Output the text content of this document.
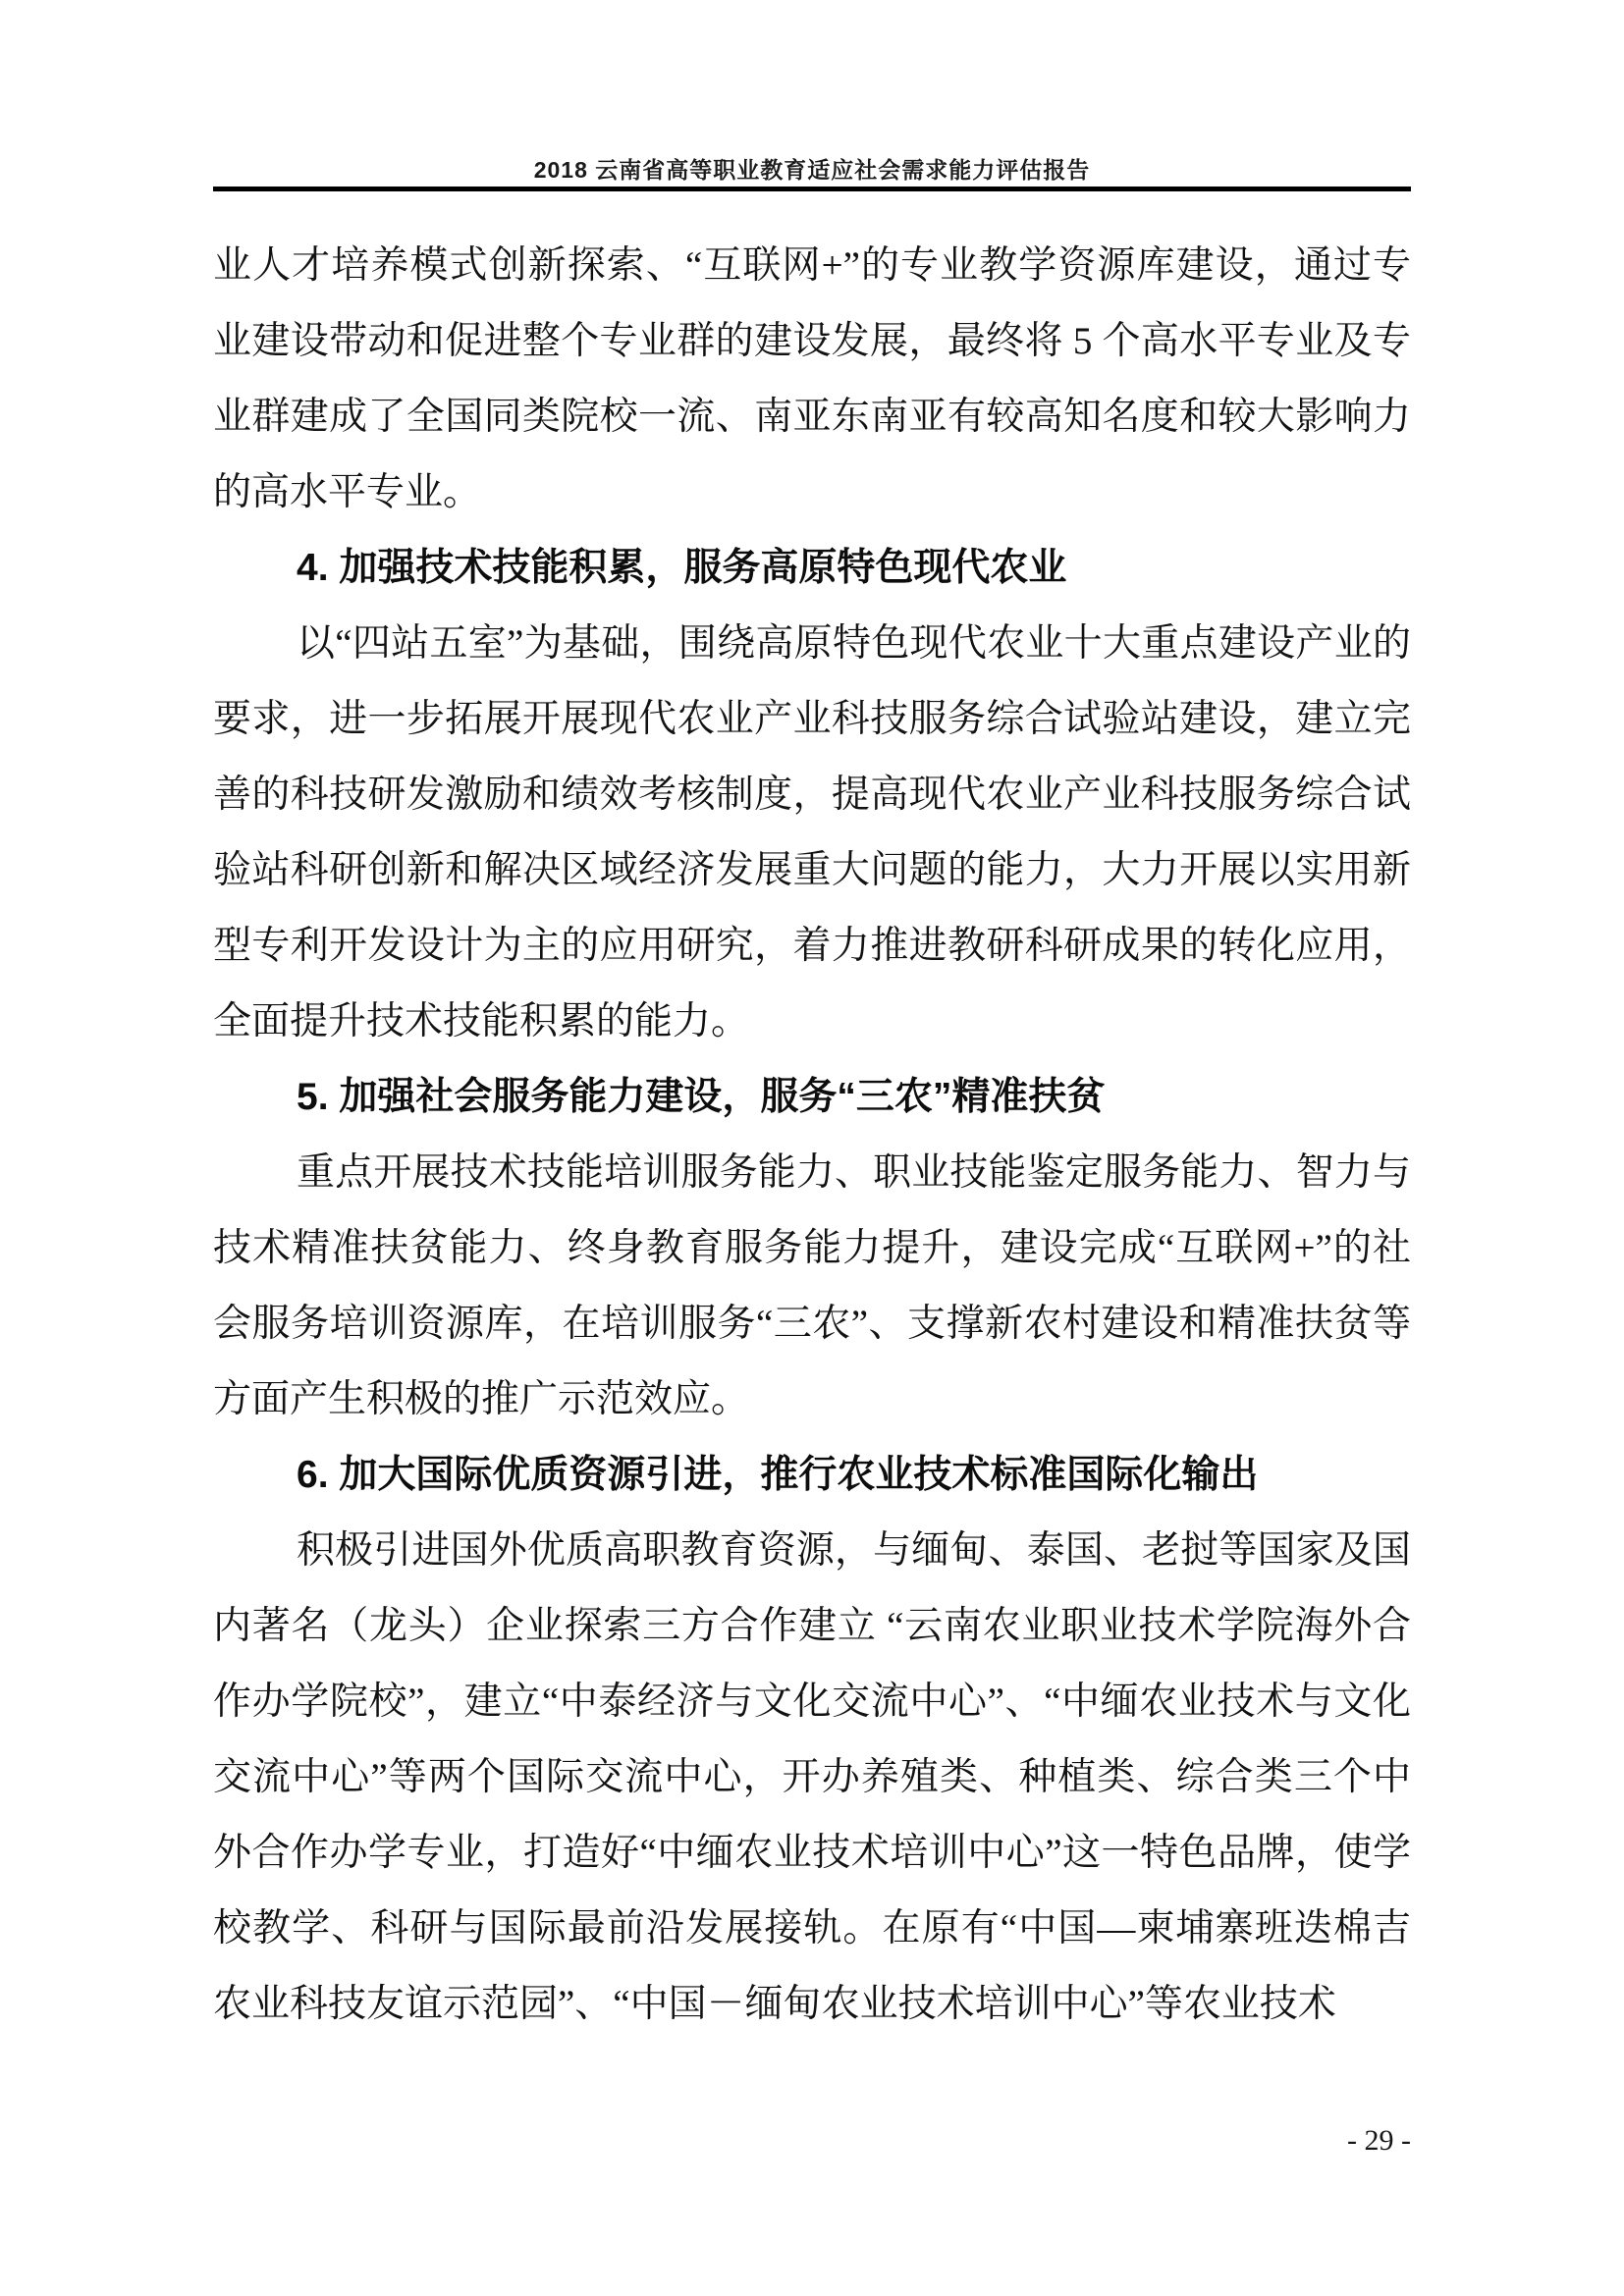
2018 云南省高等职业教育适应社会需求能力评估报告

业人才培养模式创新探索、“互联网+”的专业教学资源库建设，通过专业建设带动和促进整个专业群的建设发展，最终将 5 个高水平专业及专业群建成了全国同类院校一流、南亚东南亚有较高知名度和较大影响力的高水平专业。

4. 加强技术技能积累，服务高原特色现代农业

以“四站五室”为基础，围绕高原特色现代农业十大重点建设产业的要求，进一步拓展开展现代农业产业科技服务综合试验站建设，建立完善的科技研发激励和绩效考核制度，提高现代农业产业科技服务综合试验站科研创新和解决区域经济发展重大问题的能力，大力开展以实用新型专利开发设计为主的应用研究，着力推进教研科研成果的转化应用，全面提升技术技能积累的能力。

5. 加强社会服务能力建设，服务“三农”精准扶贫

重点开展技术技能培训服务能力、职业技能鉴定服务能力、智力与技术精准扶贫能力、终身教育服务能力提升，建设完成“互联网+”的社会服务培训资源库，在培训服务“三农”、支撑新农村建设和精准扶贫等方面产生积极的推广示范效应。

6. 加大国际优质资源引进，推行农业技术标准国际化输出

积极引进国外优质高职教育资源，与缅甸、泰国、老挝等国家及国内著名（龙头）企业探索三方合作建立 “云南农业职业技术学院海外合作办学院校”，建立“中泰经济与文化交流中心”、“中缅农业技术与文化交流中心”等两个国际交流中心，开办养殖类、种植类、综合类三个中外合作办学专业，打造好“中缅农业技术培训中心”这一特色品牌，使学校教学、科研与国际最前沿发展接轨。在原有“中国—柬埔寨班迭棉吉农业科技友谊示范园”、“中国－缅甸农业技术培训中心”等农业技术

- 29 -
